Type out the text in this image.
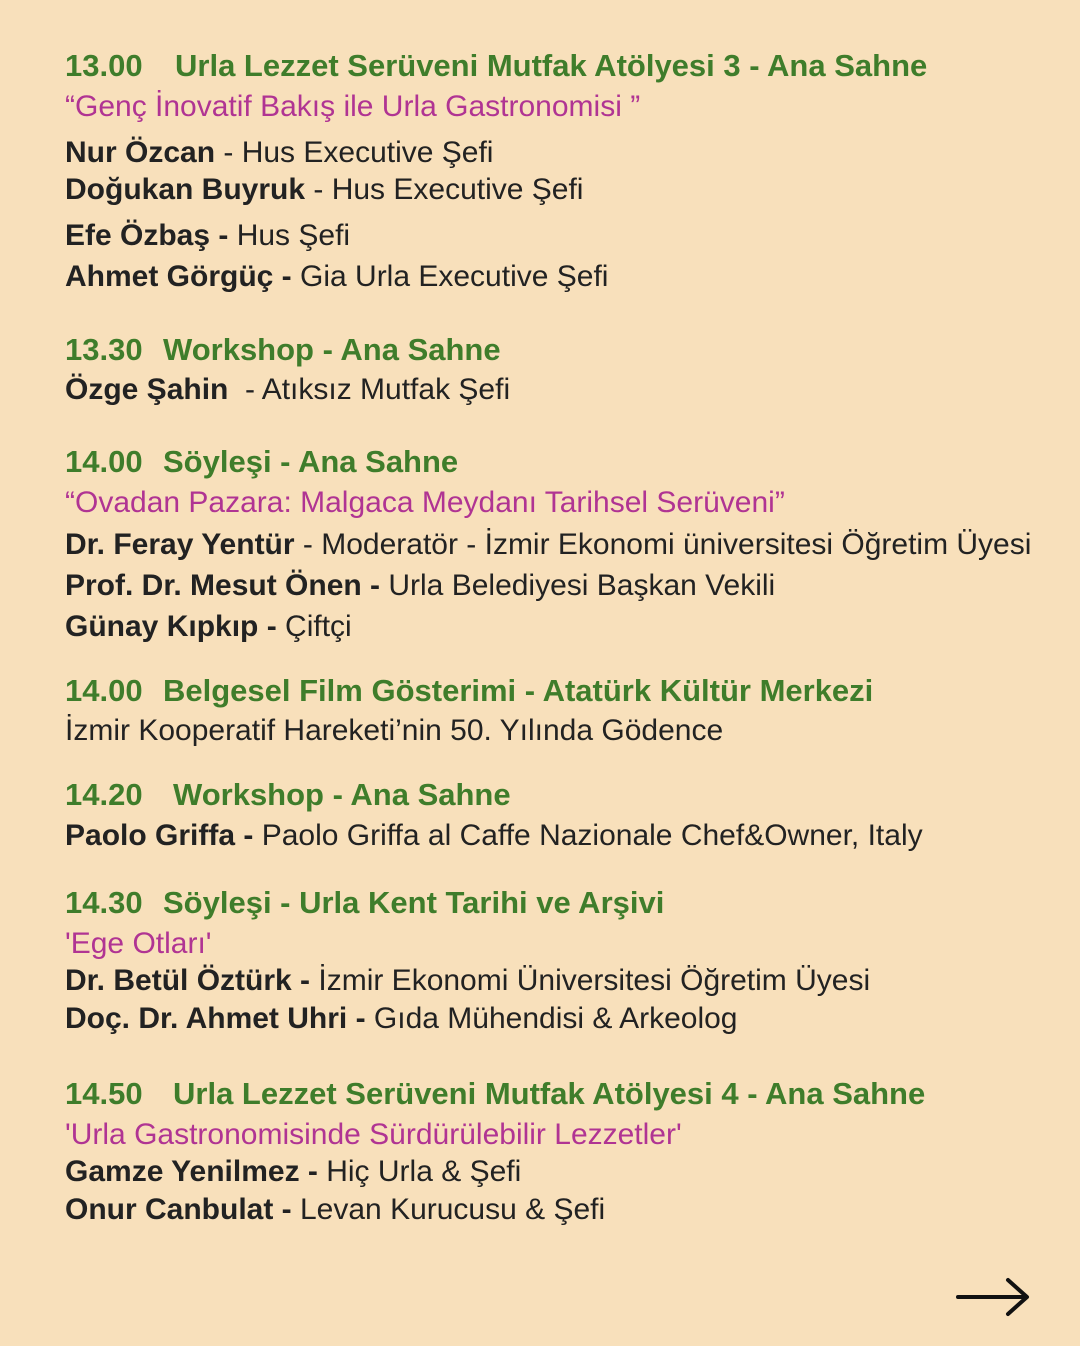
13.00 Urla Lezzet Serüveni Mutfak Atölyesi 3 - Ana Sahne
“Genç İnovatif Bakış ile Urla Gastronomisi ”
Nur Özcan - Hus Executive Şefi
Doğukan Buyruk - Hus Executive Şefi
Efe Özbaş - Hus Şefi
Ahmet Görgüç - Gia Urla Executive Şefi
13.30 Workshop - Ana Sahne
Özge Şahin  - Atıksız Mutfak Şefi
14.00 Söyleşi - Ana Sahne
“Ovadan Pazara: Malgaca Meydanı Tarihsel Serüveni”
Dr. Feray Yentür - Moderatör - İzmir Ekonomi üniversitesi Öğretim Üyesi
Prof. Dr. Mesut Önen - Urla Belediyesi Başkan Vekili
Günay Kıpkıp - Çiftçi
14.00 Belgesel Film Gösterimi - Atatürk Kültür Merkezi
İzmir Kooperatif Hareketi’nin 50. Yılında Gödence
14.20 Workshop - Ana Sahne
Paolo Griffa - Paolo Griffa al Caffe Nazionale Chef&Owner, Italy
14.30 Söyleşi - Urla Kent Tarihi ve Arşivi
'Ege Otları'
Dr. Betül Öztürk - İzmir Ekonomi Üniversitesi Öğretim Üyesi
Doç. Dr. Ahmet Uhri - Gıda Mühendisi & Arkeolog
14.50 Urla Lezzet Serüveni Mutfak Atölyesi 4 - Ana Sahne
'Urla Gastronomisinde Sürdürülebilir Lezzetler'
Gamze Yenilmez - Hiç Urla & Şefi
Onur Canbulat - Levan Kurucusu & Şefi
